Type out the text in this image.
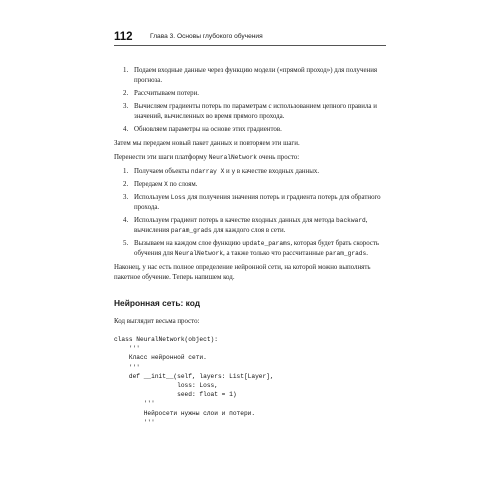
112	Глава 3. Основы глубокого обучения
1. Подаем входные данные через функцию модели («прямой проход») для получения прогноза.
2. Рассчитываем потери.
3. Вычисляем градиенты потерь по параметрам с использованием цепного правила и значений, вычисленных во время прямого прохода.
4. Обновляем параметры на основе этих градиентов.

Затем мы передаем новый пакет данных и повторяем эти шаги.

Перенести эти шаги платформу NeuralNetwork очень просто:

1. Получаем объекты ndarray X и y в качестве входных данных.
2. Передаем X по слоям.
3. Используем Loss для получения значения потерь и градиента потерь для обратного прохода.
4. Используем градиент потерь в качестве входных данных для метода backward, вычисления param_grads для каждого слоя в сети.
5. Вызываем на каждом слое функцию update_params, которая будет брать скорость обучения для NeuralNetwork, а также только что рассчитанные param_grads.

Наконец, у нас есть полное определение нейронной сети, на которой можно выполнять пакетное обучение. Теперь напишем код.

Нейронная сеть: код

Код выглядит весьма просто:

class NeuralNetwork(object):
'''
Класс нейронной сети.
'''
def __init__(self, layers: List[Layer],
loss: Loss,
seed: float = 1)
'''
Нейросети нужны слои и потери.
'''
